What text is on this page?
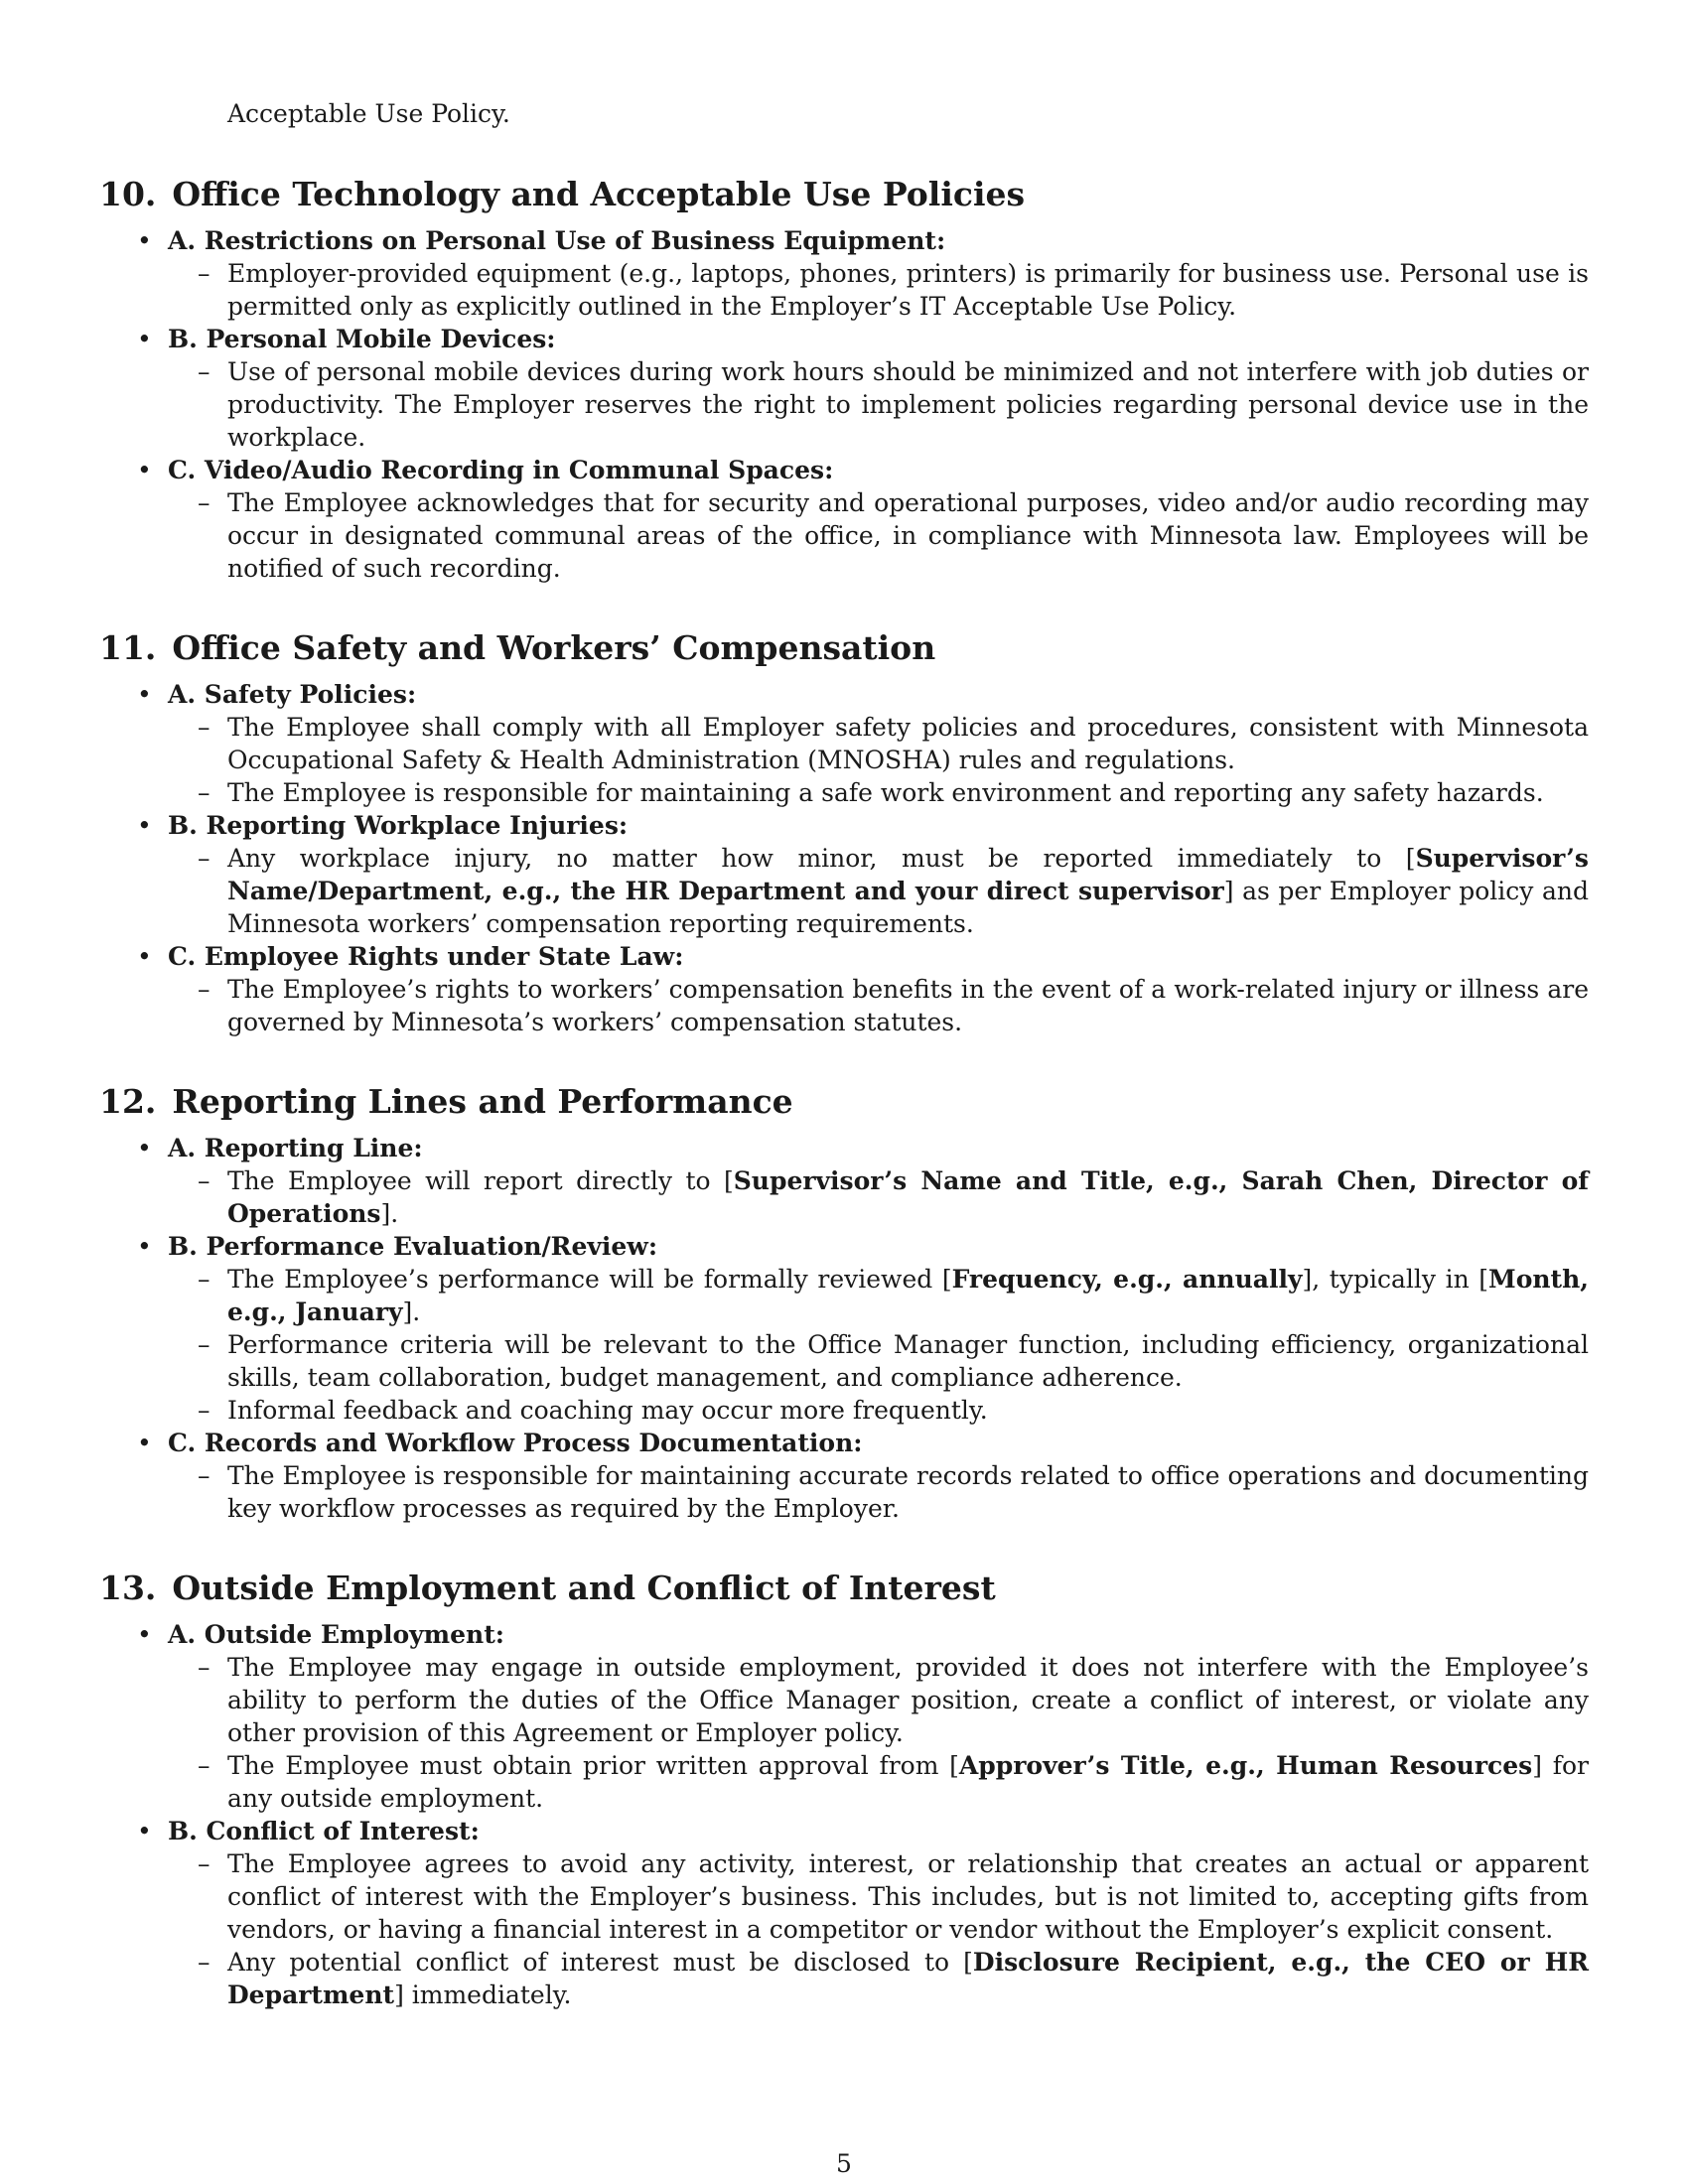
Acceptable Use Policy.
10. Office Technology and Acceptable Use Policies
• A. Restrictions on Personal Use of Business Equipment:
– Employer-provided equipment (e.g., laptops, phones, printers) is primarily for business use. Personal use is permitted only as explicitly outlined in the Employer’s IT Acceptable Use Policy.
• B. Personal Mobile Devices:
– Use of personal mobile devices during work hours should be minimized and not interfere with job duties or productivity. The Employer reserves the right to implement policies regarding personal device use in the workplace.
• C. Video/Audio Recording in Communal Spaces:
– The Employee acknowledges that for security and operational purposes, video and/or audio recording may occur in designated communal areas of the office, in compliance with Minnesota law. Employees will be notified of such recording.
11. Office Safety and Workers’ Compensation
• A. Safety Policies:
– The Employee shall comply with all Employer safety policies and procedures, consistent with Minnesota Occupational Safety & Health Administration (MNOSHA) rules and regulations.
– The Employee is responsible for maintaining a safe work environment and reporting any safety hazards.
• B. Reporting Workplace Injuries:
– Any workplace injury, no matter how minor, must be reported immediately to [Supervisor’s Name/Department, e.g., the HR Department and your direct supervisor] as per Employer policy and Minnesota workers’ compensation reporting requirements.
• C. Employee Rights under State Law:
– The Employee’s rights to workers’ compensation benefits in the event of a work-related injury or illness are governed by Minnesota’s workers’ compensation statutes.
12. Reporting Lines and Performance
• A. Reporting Line:
– The Employee will report directly to [Supervisor’s Name and Title, e.g., Sarah Chen, Director of Operations].
• B. Performance Evaluation/Review:
– The Employee’s performance will be formally reviewed [Frequency, e.g., annually], typically in [Month, e.g., January].
– Performance criteria will be relevant to the Office Manager function, including efficiency, organizational skills, team collaboration, budget management, and compliance adherence.
– Informal feedback and coaching may occur more frequently.
• C. Records and Workflow Process Documentation:
– The Employee is responsible for maintaining accurate records related to office operations and documenting key workflow processes as required by the Employer.
13. Outside Employment and Conflict of Interest
• A. Outside Employment:
– The Employee may engage in outside employment, provided it does not interfere with the Employee’s ability to perform the duties of the Office Manager position, create a conflict of interest, or violate any other provision of this Agreement or Employer policy.
– The Employee must obtain prior written approval from [Approver’s Title, e.g., Human Resources] for any outside employment.
• B. Conflict of Interest:
– The Employee agrees to avoid any activity, interest, or relationship that creates an actual or apparent conflict of interest with the Employer’s business. This includes, but is not limited to, accepting gifts from vendors, or having a financial interest in a competitor or vendor without the Employer’s explicit consent.
– Any potential conflict of interest must be disclosed to [Disclosure Recipient, e.g., the CEO or HR Department] immediately.
5
